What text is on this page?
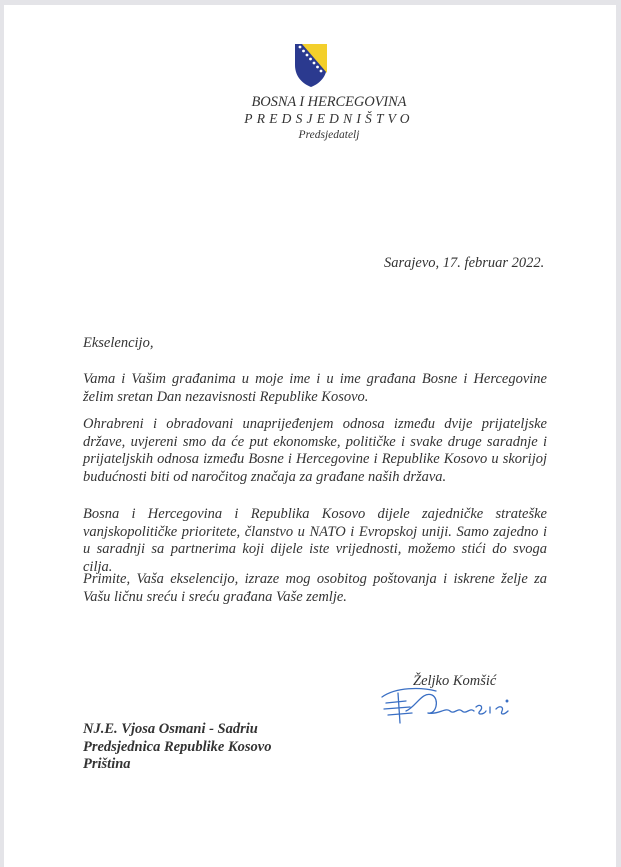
BOSNA I HERCEGOVINA
PREDSJEDNIŠTVO
Predsjedatelj
Sarajevo, 17. februar 2022.
Ekselencijo,
Vama i Vašim građanima u moje ime i u ime građana Bosne i Hercegovine želim sretan Dan nezavisnosti Republike Kosovo.
Ohrabreni i obradovani unaprijeđenjem odnosa između dvije prijateljske države, uvjereni smo da će put ekonomske, političke i svake druge saradnje i prijateljskih odnosa između Bosne i Hercegovine i Republike Kosovo u skorijoj budućnosti biti od naročitog značaja za građane naših država.
Bosna i Hercegovina i Republika Kosovo dijele zajedničke strateške vanjskopolitičke prioritete, članstvo u NATO i Evropskoj uniji. Samo zajedno i u saradnji sa partnerima koji dijele iste vrijednosti, možemo stići do svoga cilja.
Primite, Vaša ekselencijo, izraze mog osobitog poštovanja i iskrene želje za Vašu ličnu sreću i sreću građana Vaše zemlje.
Željko Komšić
NJ.E. Vjosa Osmani - Sadriu
Predsjednica Republike Kosovo
Priština
